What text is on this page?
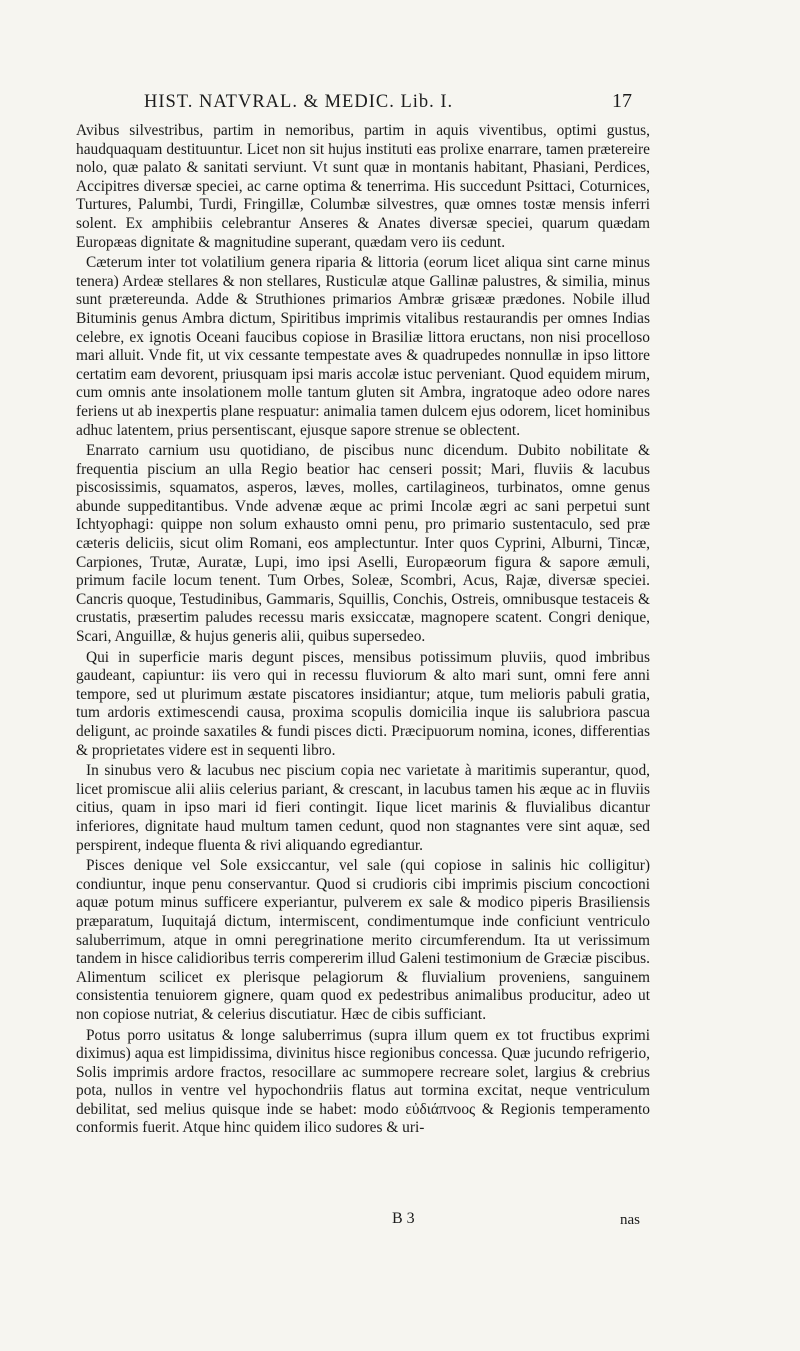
HIST. NATVRAL. & MEDIC. Lib. I.	17

Avibus silvestribus, partim in nemoribus, partim in aquis viventibus, optimi gustus, haudquaquam destituuntur. Licet non sit hujus instituti eas prolixe enarrare, tamen prætereire nolo, quæ palato & sanitati serviunt. Vt sunt quæ in montanis habitant, Phasiani, Perdices, Accipitres diversæ speciei, ac carne optima & tenerrima. His succedunt Psittaci, Coturnices, Turtures, Palumbi, Turdi, Fringillæ, Columbæ silvestres, quæ omnes tostæ mensis inferri solent. Ex amphibiis celebrantur Anseres & Anates diversæ speciei, quarum quædam Europæas dignitate & magnitudine superant, quædam vero iis cedunt.

Cæterum inter tot volatilium genera riparia & littoria (eorum licet aliqua sint carne minus tenera) Ardeæ stellares & non stellares, Rusticulæ atque Gallinæ palustres, & similia, minus sunt prætereunda. Adde & Struthiones primarios Ambræ grisææ prædones. Nobile illud Bituminis genus Ambra dictum, Spiritibus imprimis vitalibus restaurandis per omnes Indias celebre, ex ignotis Oceani faucibus copiose in Brasiliæ littora eructans, non nisi procelloso mari alluit. Vnde fit, ut vix cessante tempestate aves & quadrupedes nonnullæ in ipso littore certatim eam devorent, priusquam ipsi maris accolæ istuc perveniant. Quod equidem mirum, cum omnis ante insolationem molle tantum gluten sit Ambra, ingratoque adeo odore nares feriens ut ab inexpertis plane respuatur: animalia tamen dulcem ejus odorem, licet hominibus adhuc latentem, prius persentiscant, ejusque sapore strenue se oblectent.

Enarrato carnium usu quotidiano, de piscibus nunc dicendum. Dubito nobilitate & frequentia piscium an ulla Regio beatior hac censeri possit; Mari, fluviis & lacubus piscosissimis, squamatos, asperos, læves, molles, cartilagineos, turbinatos, omne genus abunde suppeditantibus. Vnde advenæ æque ac primi Incolæ ægri ac sani perpetui sunt Ichtyophagi: quippe non solum exhausto omni penu, pro primario sustentaculo, sed præ cæteris deliciis, sicut olim Romani, eos amplectuntur. Inter quos Cyprini, Alburni, Tincæ, Carpiones, Trutæ, Auratæ, Lupi, imo ipsi Aselli, Europæorum figura & sapore æmuli, primum facile locum tenent. Tum Orbes, Soleæ, Scombri, Acus, Rajæ, diversæ speciei. Cancris quoque, Testudinibus, Gammaris, Squillis, Conchis, Ostreis, omnibusque testaceis & crustatis, præsertim paludes recessu maris exsiccatæ, magnopere scatent. Congri denique, Scari, Anguillæ, & hujus generis alii, quibus supersedeo.

Qui in superficie maris degunt pisces, mensibus potissimum pluviis, quod imbribus gaudeant, capiuntur: iis vero qui in recessu fluviorum & alto mari sunt, omni fere anni tempore, sed ut plurimum æstate piscatores insidiantur; atque, tum melioris pabuli gratia, tum ardoris extimescendi causa, proxima scopulis domicilia inque iis salubriora pascua deligunt, ac proinde saxatiles & fundi pisces dicti. Præcipuorum nomina, icones, differentias & proprietates videre est in sequenti libro.

In sinubus vero & lacubus nec piscium copia nec varietate à maritimis superantur, quod, licet promiscue alii aliis celerius pariant, & crescant, in lacubus tamen his æque ac in fluviis citius, quam in ipso mari id fieri contingit. Iique licet marinis & fluvialibus dicantur inferiores, dignitate haud multum tamen cedunt, quod non stagnantes vere sint aquæ, sed perspirent, indeque fluenta & rivi aliquando egrediantur.

Pisces denique vel Sole exsiccantur, vel sale (qui copiose in salinis hic colligitur) condiuntur, inque penu conservantur. Quod si crudioris cibi imprimis piscium concoctioni aquæ potum minus sufficere experiantur, pulverem ex sale & modico piperis Brasiliensis præparatum, Iuquitajá dictum, intermiscent, condimentumque inde conficiunt ventriculo saluberrimum, atque in omni peregrinatione merito circumferendum. Ita ut verissimum tandem in hisce calidioribus terris compererim illud Galeni testimonium de Græciæ piscibus. Alimentum scilicet ex plerisque pelagiorum & fluvialium proveniens, sanguinem consistentia tenuiorem gignere, quam quod ex pedestribus animalibus producitur, adeo ut non copiose nutriat, & celerius discutiatur. Hæc de cibis sufficiant.

Potus porro usitatus & longe saluberrimus (supra illum quem ex tot fructibus exprimi diximus) aqua est limpidissima, divinitus hisce regionibus concessa. Quæ jucundo refrigerio, Solis imprimis ardore fractos, resocillare ac summopere recreare solet, largius & crebrius pota, nullos in ventre vel hypochondriis flatus aut tormina excitat, neque ventriculum debilitat, sed melius quisque inde se habet: modo εὐδιάπνοος & Regionis temperamento conformis fuerit. Atque hinc quidem ilico sudores & uri-

B 3	nas
